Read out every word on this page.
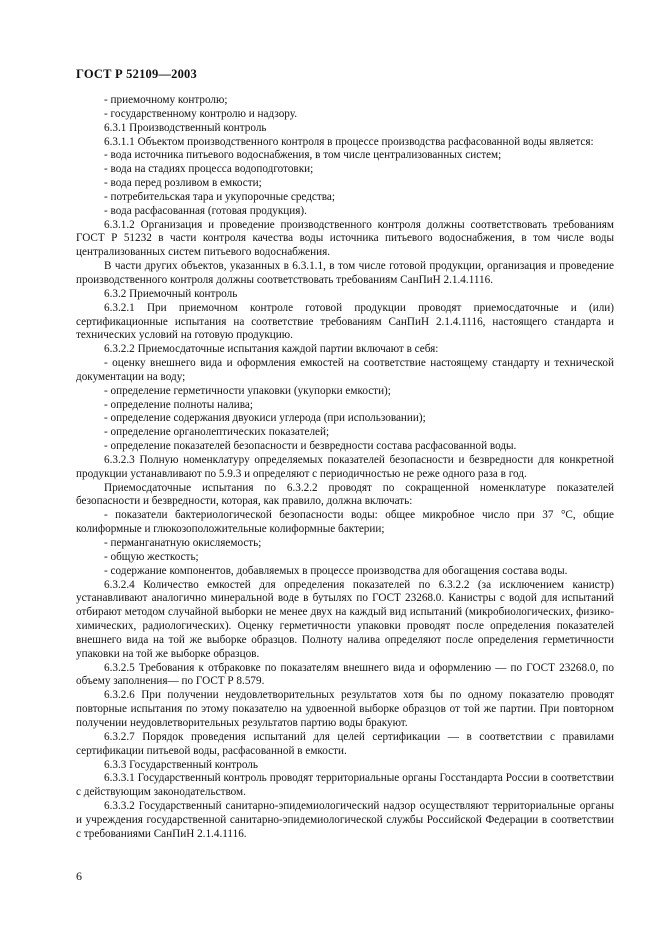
ГОСТ Р 52109—2003

- приемочному контролю;

- государственному контролю и надзору.

6.3.1 Производственный контроль

6.3.1.1 Объектом производственного контроля в процессе производства расфасованной воды является:

- вода источника питьевого водоснабжения, в том числе централизованных систем;

- вода на стадиях процесса водоподготовки;

- вода перед розливом в емкости;

- потребительская тара и укупорочные средства;

- вода расфасованная (готовая продукция).

6.3.1.2 Организация и проведение производственного контроля должны соответствовать требованиям ГОСТ Р 51232 в части контроля качества воды источника питьевого водоснабжения, в том числе воды централизованных систем питьевого водоснабжения.

В части других объектов, указанных в 6.3.1.1, в том числе готовой продукции, организация и проведение производственного контроля должны соответствовать требованиям СанПиН 2.1.4.1116.

6.3.2 Приемочный контроль

6.3.2.1 При приемочном контроле готовой продукции проводят приемосдаточные и (или) сертификационные испытания на соответствие требованиям СанПиН 2.1.4.1116, настоящего стандарта и технических условий на готовую продукцию.

6.3.2.2 Приемосдаточные испытания каждой партии включают в себя:

- оценку внешнего вида и оформления емкостей на соответствие настоящему стандарту и технической документации на воду;

- определение герметичности упаковки (укупорки емкости);

- определение полноты налива;

- определение содержания двуокиси углерода (при использовании);

- определение органолептических показателей;

- определение показателей безопасности и безвредности состава расфасованной воды.

6.3.2.3 Полную номенклатуру определяемых показателей безопасности и безвредности для конкретной продукции устанавливают по 5.9.3 и определяют с периодичностью не реже одного раза в год.

Приемосдаточные испытания по 6.3.2.2 проводят по сокращенной номенклатуре показателей безопасности и безвредности, которая, как правило, должна включать:

- показатели бактериологической безопасности воды: общее микробное число при 37 °С, общие колиформные и глюкозоположительные колиформные бактерии;

- перманганатную окисляемость;

- общую жесткость;

- содержание компонентов, добавляемых в процессе производства для обогащения состава воды.

6.3.2.4 Количество емкостей для определения показателей по 6.3.2.2 (за исключением канистр) устанавливают аналогично минеральной воде в бутылях по ГОСТ 23268.0. Канистры с водой для испытаний отбирают методом случайной выборки не менее двух на каждый вид испытаний (микробиологических, физико-химических, радиологических). Оценку герметичности упаковки проводят после определения показателей внешнего вида на той же выборке образцов. Полноту налива определяют после определения герметичности упаковки на той же выборке образцов.

6.3.2.5 Требования к отбраковке по показателям внешнего вида и оформлению — по ГОСТ 23268.0, по объему заполнения— по ГОСТ Р 8.579.

6.3.2.6 При получении неудовлетворительных результатов хотя бы по одному показателю проводят повторные испытания по этому показателю на удвоенной выборке образцов от той же партии. При повторном получении неудовлетворительных результатов партию воды бракуют.

6.3.2.7 Порядок проведения испытаний для целей сертификации — в соответствии с правилами сертификации питьевой воды, расфасованной в емкости.

6.3.3 Государственный контроль

6.3.3.1 Государственный контроль проводят территориальные органы Госстандарта России в соответствии с действующим законодательством.

6.3.3.2 Государственный санитарно-эпидемиологический надзор осуществляют территориальные органы и учреждения государственной санитарно-эпидемиологической службы Российской Федерации в соответствии с требованиями СанПиН 2.1.4.1116.

6
